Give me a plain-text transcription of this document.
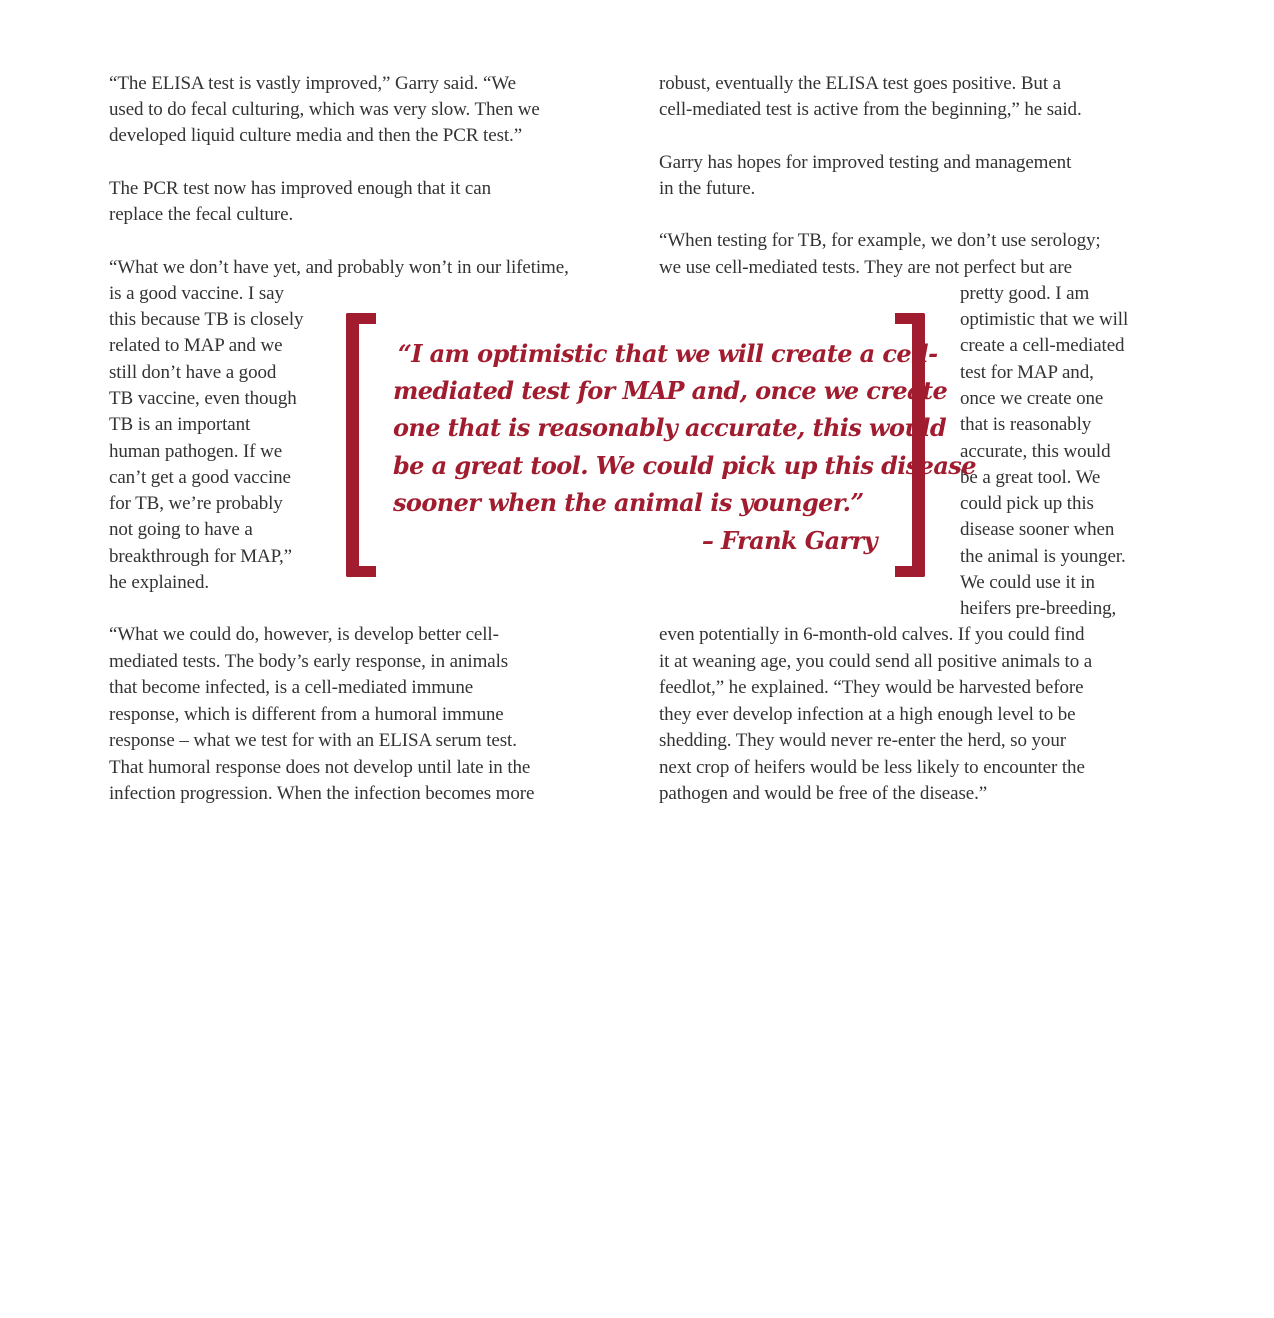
“The ELISA test is vastly improved,” Garry said. “We
used to do fecal culturing, which was very slow. Then we
developed liquid culture media and then the PCR test.”
The PCR test now has improved enough that it can
replace the fecal culture.
“What we don’t have yet, and probably won’t in our lifetime,
is a good vaccine. I say
this because TB is closely
related to MAP and we
still don’t have a good
TB vaccine, even though
TB is an important
human pathogen. If we
can’t get a good vaccine
for TB, we’re probably
not going to have a
breakthrough for MAP,”
he explained.
“What we could do, however, is develop better cell-
mediated tests. The body’s early response, in animals
that become infected, is a cell-mediated immune
response, which is different from a humoral immune
response – what we test for with an ELISA serum test.
That humoral response does not develop until late in the
infection progression. When the infection becomes more
robust, eventually the ELISA test goes positive. But a
cell-mediated test is active from the beginning,” he said.
Garry has hopes for improved testing and management
in the future.
“When testing for TB, for example, we don’t use serology;
we use cell-mediated tests. They are not perfect but are
pretty good. I am
optimistic that we will
create a cell-mediated
test for MAP and,
once we create one
that is reasonably
accurate, this would
be a great tool. We
could pick up this
disease sooner when
the animal is younger.
We could use it in
heifers pre-breeding,
even potentially in 6-month-old calves. If you could find
it at weaning age, you could send all positive animals to a
feedlot,” he explained. “They would be harvested before
they ever develop infection at a high enough level to be
shedding. They would never re-enter the herd, so your
next crop of heifers would be less likely to encounter the
pathogen and would be free of the disease.”
“I am optimistic that we will create a cell-
mediated test for MAP and, once we create
one that is reasonably accurate, this would
be a great tool. We could pick up this disease
sooner when the animal is younger.”
– Frank Garry
